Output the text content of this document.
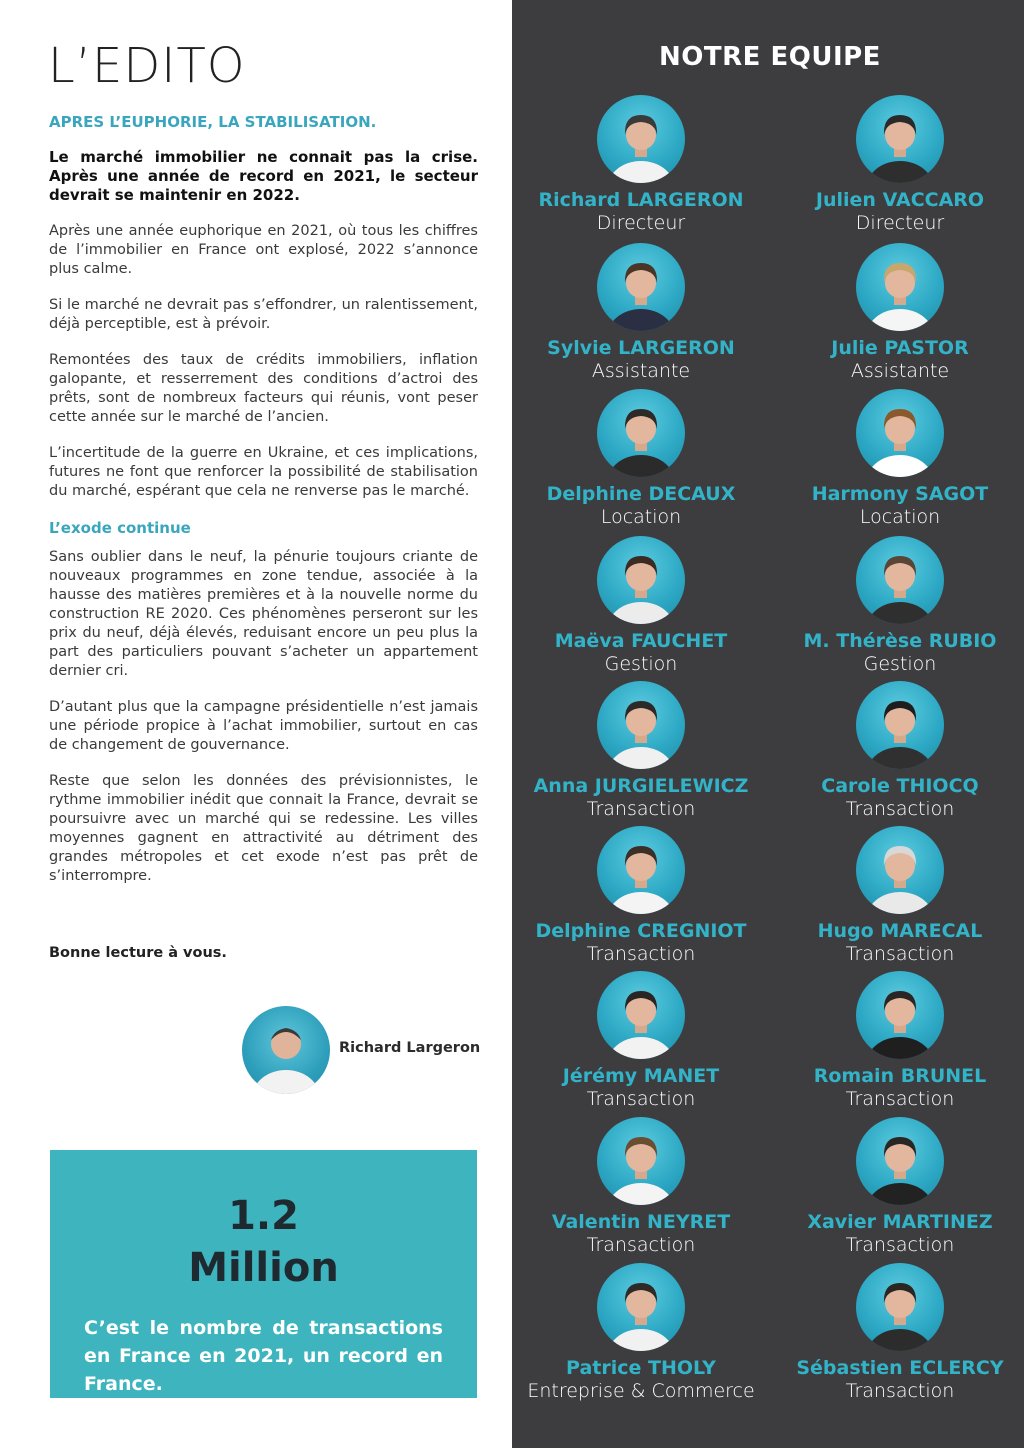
L’EDITO

APRES L’EUPHORIE, LA STABILISATION.

Le marché immobilier ne connait pas la crise. Après une année de record en 2021, le secteur devrait se maintenir en 2022.

Après une année euphorique en 2021, où tous les chiffres de l’immobilier en France ont explosé, 2022 s’annonce plus calme.

Si le marché ne devrait pas s’effondrer, un ralentissement, déjà perceptible, est à prévoir.

Remontées des taux de crédits immobiliers, inflation galopante, et resserrement des conditions d’actroi des prêts, sont de nombreux facteurs qui réunis, vont peser cette année sur le marché de l’ancien.

L’incertitude de la guerre en Ukraine, et ces implications, futures ne font que renforcer la possibilité de stabilisation du marché, espérant que cela ne renverse pas le marché.

L’exode continue

Sans oublier dans le neuf, la pénurie toujours criante de nouveaux programmes en zone tendue, associée à la hausse des matières premières et à la nouvelle norme du construction RE 2020. Ces phénomènes perseront sur les prix du neuf, déjà élevés, reduisant encore un peu plus la part des particuliers pouvant s’acheter un appartement dernier cri.

D’autant plus que la campagne présidentielle n’est jamais une période propice à l’achat immobilier, surtout en cas de changement de gouvernance.

Reste que selon les données des prévisionnistes, le rythme immobilier inédit que connait la France, devrait se poursuivre avec un marché qui se redessine. Les villes moyennes gagnent en attractivité au détriment des grandes métropoles et cet exode n’est pas prêt de s’interrompre.

Bonne lecture à vous.

Richard Largeron

1.2

Million

C’est le nombre de transactions en France en 2021, un record en France.

NOTRE EQUIPE

Richard LARGERON

Directeur

Julien VACCARO

Directeur

Sylvie LARGERON

Assistante

Julie PASTOR

Assistante

Delphine DECAUX

Location

Harmony SAGOT

Location

Maëva FAUCHET

Gestion

M. Thérèse RUBIO

Gestion

Anna JURGIELEWICZ

Transaction

Carole THIOCQ

Transaction

Delphine CREGNIOT

Transaction

Hugo MARECAL

Transaction

Jérémy MANET

Transaction

Romain BRUNEL

Transaction

Valentin NEYRET

Transaction

Xavier MARTINEZ

Transaction

Patrice THOLY

Entreprise & Commerce

Sébastien ECLERCY

Transaction
